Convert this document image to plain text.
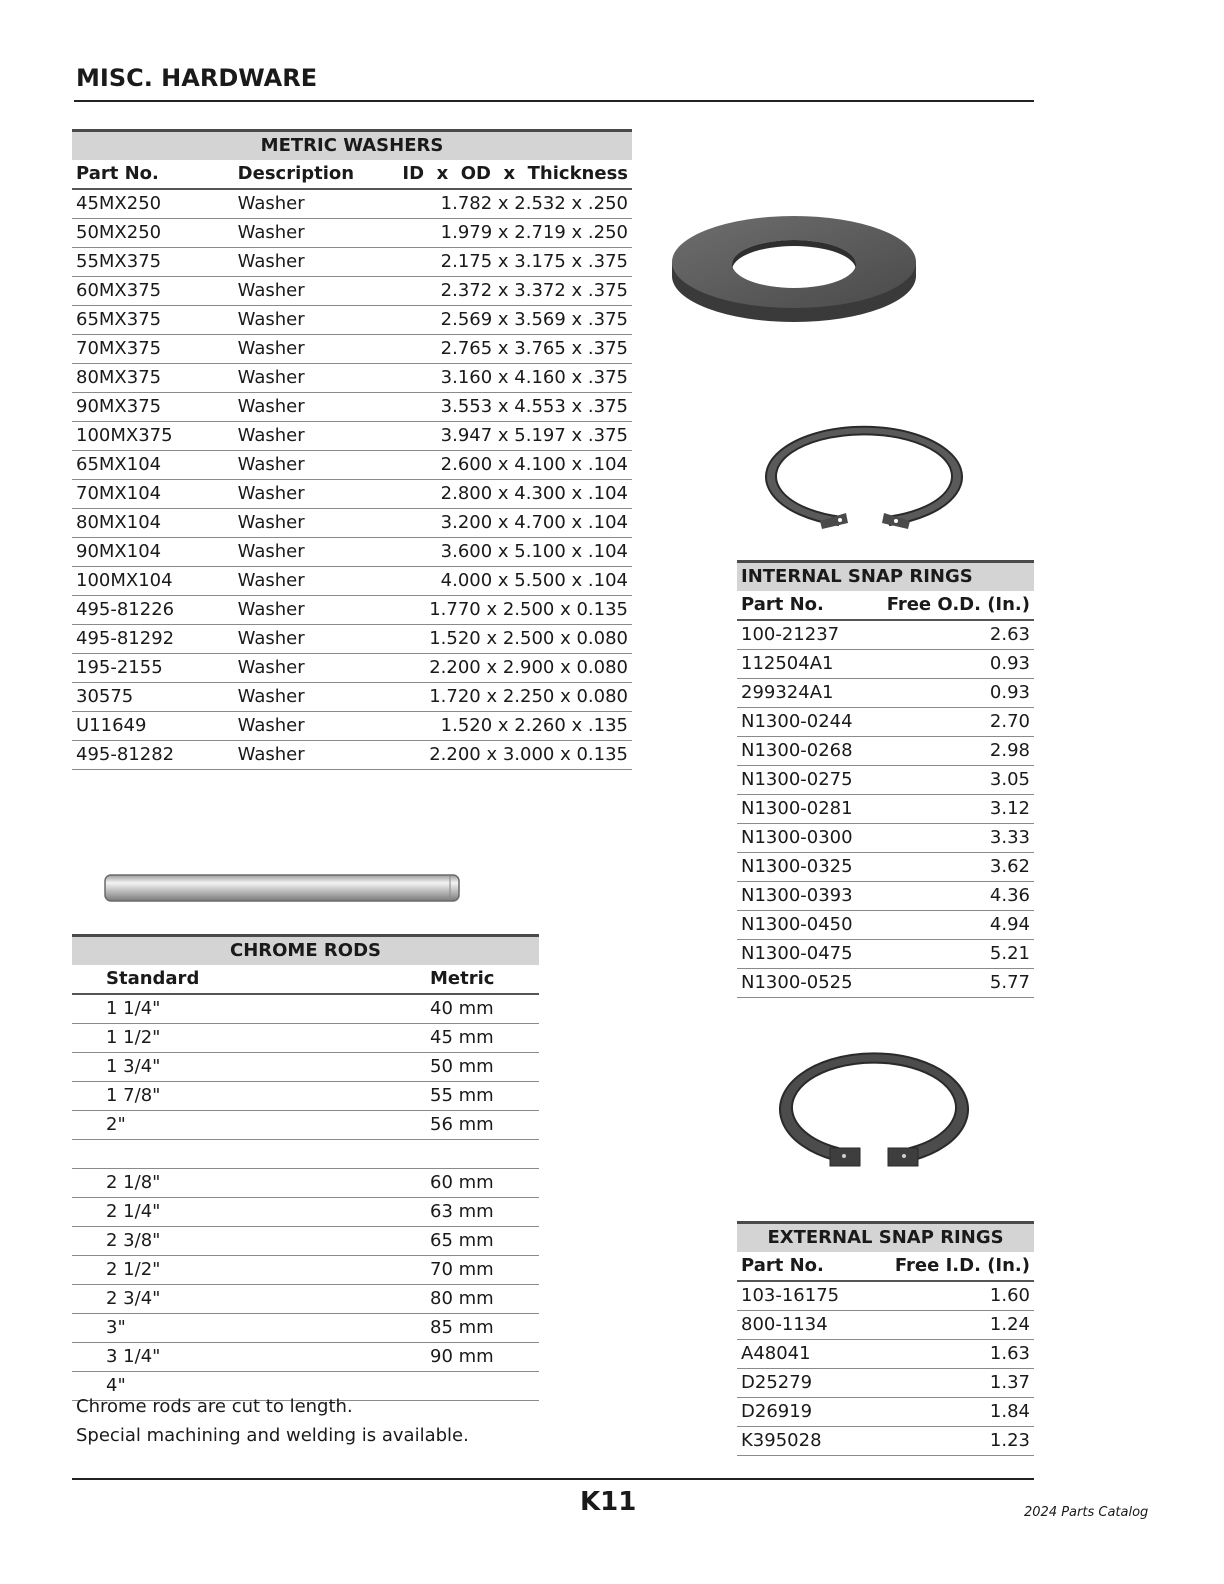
MISC. HARDWARE
METRIC WASHERS		
Part No.	Description	ID  x  OD  x  Thickness
45MX250	Washer	1.782 x 2.532 x .250
50MX250	Washer	1.979 x 2.719 x .250
55MX375	Washer	2.175 x 3.175 x .375
60MX375	Washer	2.372 x 3.372 x .375
65MX375	Washer	2.569 x 3.569 x .375
70MX375	Washer	2.765 x 3.765 x .375
80MX375	Washer	3.160 x 4.160 x .375
90MX375	Washer	3.553 x 4.553 x .375
100MX375	Washer	3.947 x 5.197 x .375
65MX104	Washer	2.600 x 4.100 x .104
70MX104	Washer	2.800 x 4.300 x .104
80MX104	Washer	3.200 x 4.700 x .104
90MX104	Washer	3.600 x 5.100 x .104
100MX104	Washer	4.000 x 5.500 x .104
495-81226	Washer	1.770 x 2.500 x 0.135
495-81292	Washer	1.520 x 2.500 x 0.080
195-2155	Washer	2.200 x 2.900 x 0.080
30575	Washer	1.720 x 2.250 x 0.080
U11649	Washer	1.520 x 2.260 x .135
495-81282	Washer	2.200 x 3.000 x 0.135
CHROME RODS	
Standard	Metric
1 1/4"	40 mm
1 1/2"	45 mm
1 3/4"	50 mm
1 7/8"	55 mm
2"	56 mm

2 1/8"	60 mm
2 1/4"	63 mm
2 3/8"	65 mm
2 1/2"	70 mm
2 3/4"	80 mm
3"	85 mm
3 1/4"	90 mm
4"	
Chrome rods are cut to length.
Special machining and welding is available.
INTERNAL SNAP RINGS	
Part No.	Free O.D. (In.)
100-21237	2.63
112504A1	0.93
299324A1	0.93
N1300-0244	2.70
N1300-0268	2.98
N1300-0275	3.05
N1300-0281	3.12
N1300-0300	3.33
N1300-0325	3.62
N1300-0393	4.36
N1300-0450	4.94
N1300-0475	5.21
N1300-0525	5.77
EXTERNAL SNAP RINGS	
Part No.	Free I.D. (In.)
103-16175	1.60
800-1134	1.24
A48041	1.63
D25279	1.37
D26919	1.84
K395028	1.23
K11	2024 Parts Catalog
